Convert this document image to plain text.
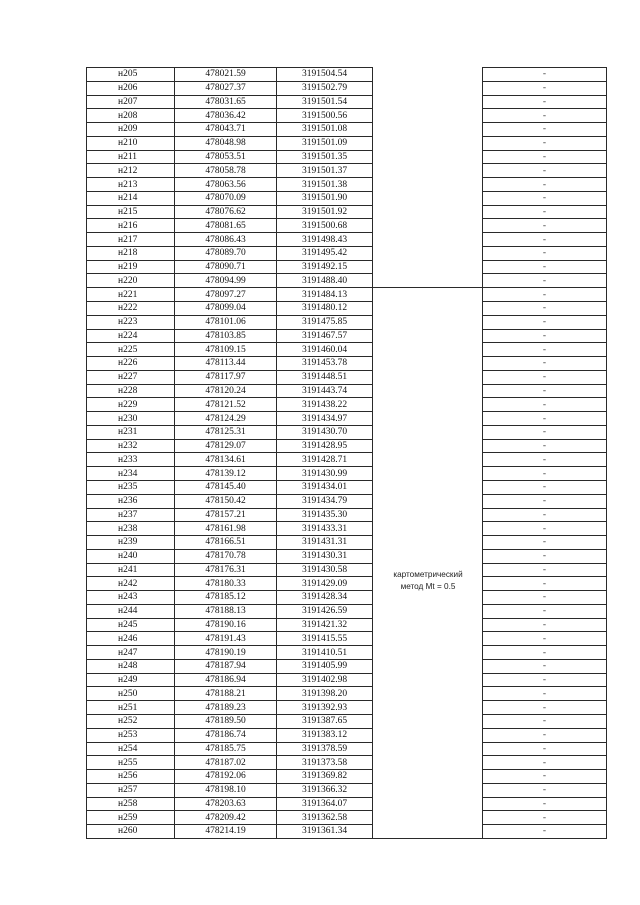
н205	478021.59	3191504.54		-
н206	478027.37	3191502.79		-
н207	478031.65	3191501.54		-
н208	478036.42	3191500.56		-
н209	478043.71	3191501.08		-
н210	478048.98	3191501.09		-
н211	478053.51	3191501.35		-
н212	478058.78	3191501.37		-
н213	478063.56	3191501.38		-
н214	478070.09	3191501.90		-
н215	478076.62	3191501.92		-
н216	478081.65	3191500.68		-
н217	478086.43	3191498.43		-
н218	478089.70	3191495.42		-
н219	478090.71	3191492.15		-
н220	478094.99	3191488.40		-
н221	478097.27	3191484.13		-
н222	478099.04	3191480.12		-
н223	478101.06	3191475.85		-
н224	478103.85	3191467.57		-
н225	478109.15	3191460.04		-
н226	478113.44	3191453.78		-
н227	478117.97	3191448.51		-
н228	478120.24	3191443.74		-
н229	478121.52	3191438.22		-
н230	478124.29	3191434.97		-
н231	478125.31	3191430.70		-
н232	478129.07	3191428.95		-
н233	478134.61	3191428.71		-
н234	478139.12	3191430.99		-
н235	478145.40	3191434.01		-
н236	478150.42	3191434.79		-
н237	478157.21	3191435.30		-
н238	478161.98	3191433.31		-
н239	478166.51	3191431.31		-
н240	478170.78	3191430.31		-
н241	478176.31	3191430.58		-
н242	478180.33	3191429.09		-
н243	478185.12	3191428.34		-
н244	478188.13	3191426.59		-
н245	478190.16	3191421.32		-
н246	478191.43	3191415.55		-
н247	478190.19	3191410.51		-
н248	478187.94	3191405.99		-
н249	478186.94	3191402.98		-
н250	478188.21	3191398.20		-
н251	478189.23	3191392.93		-
н252	478189.50	3191387.65		-
н253	478186.74	3191383.12		-
н254	478185.75	3191378.59		-
н255	478187.02	3191373.58		-
н256	478192.06	3191369.82		-
н257	478198.10	3191366.32		-
н258	478203.63	3191364.07		-
н259	478209.42	3191362.58		-
н260	478214.19	3191361.34		-
картометрический
метод Mt = 0.5
